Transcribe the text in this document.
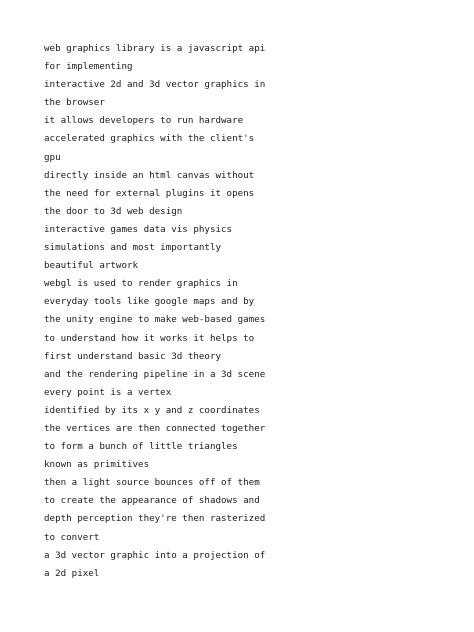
web graphics library is a javascript api
for implementing
interactive 2d and 3d vector graphics in
the browser
it allows developers to run hardware
accelerated graphics with the client's
gpu
directly inside an html canvas without
the need for external plugins it opens
the door to 3d web design
interactive games data vis physics
simulations and most importantly
beautiful artwork
webgl is used to render graphics in
everyday tools like google maps and by
the unity engine to make web-based games
to understand how it works it helps to
first understand basic 3d theory
and the rendering pipeline in a 3d scene
every point is a vertex
identified by its x y and z coordinates
the vertices are then connected together
to form a bunch of little triangles
known as primitives
then a light source bounces off of them
to create the appearance of shadows and
depth perception they're then rasterized
to convert
a 3d vector graphic into a projection of
a 2d pixel
